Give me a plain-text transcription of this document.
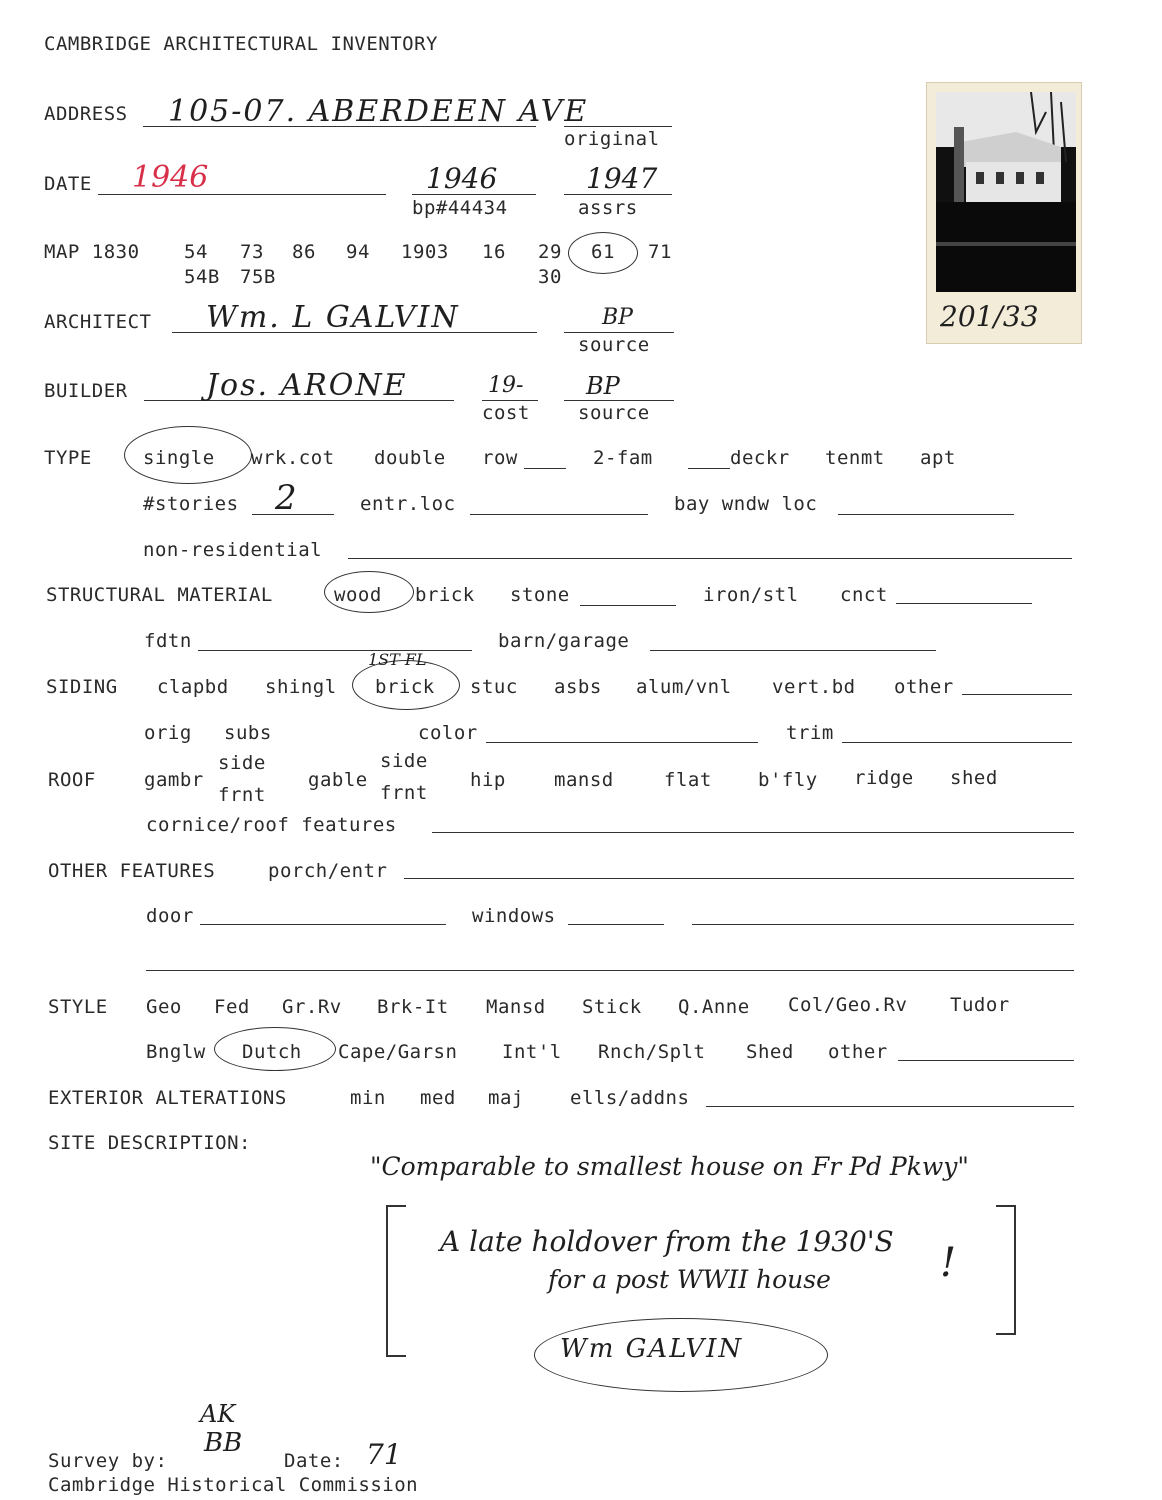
CAMBRIDGE ARCHITECTURAL INVENTORY
201/33
ADDRESS 105-07. ABERDEEN AVE
original
DATE 1946	1946
bp#44434
1947
assrs
MAP 1830 54 73 86 94 1903 16 29 61 71
54B 75B	30
ARCHITECT Wm. L GALVIN	BP
source
BUILDER	Jos. ARONE	19-
cost
BP
source
TYPE	single wrk.cot double row	2-fam	deckr tenmt apt
#stories 2	entr.loc	bay wndw loc
non-residential
STRUCTURAL MATERIAL	wood brick stone	iron/stl cnct
fdtn	barn/garage
SIDING clapbd shingl brick
1ST FL
stuc asbs alum/vnl vert.bd other
orig subs	color	trim
ROOF	gambr
side
frnt
gable
side
frnt
hip	mansd	flat b'fly ridge shed
cornice/roof features
OTHER FEATURES	porch/entr
door	windows
STYLE Geo Fed Gr.Rv Brk-It Mansd Stick Q.Anne Col/Geo.Rv Tudor
Bnglw Dutch Cape/Garsn Int'l Rnch/Splt Shed other
EXTERIOR ALTERATIONS	min med maj ells/addns
SITE DESCRIPTION:
"Comparable to smallest house on Fr Pd Pkwy"
A late holdover from the 1930'S
for a post WWII house	!
Wm GALVIN
AK
BB
Survey by:	Date: 71
Cambridge Historical Commission
